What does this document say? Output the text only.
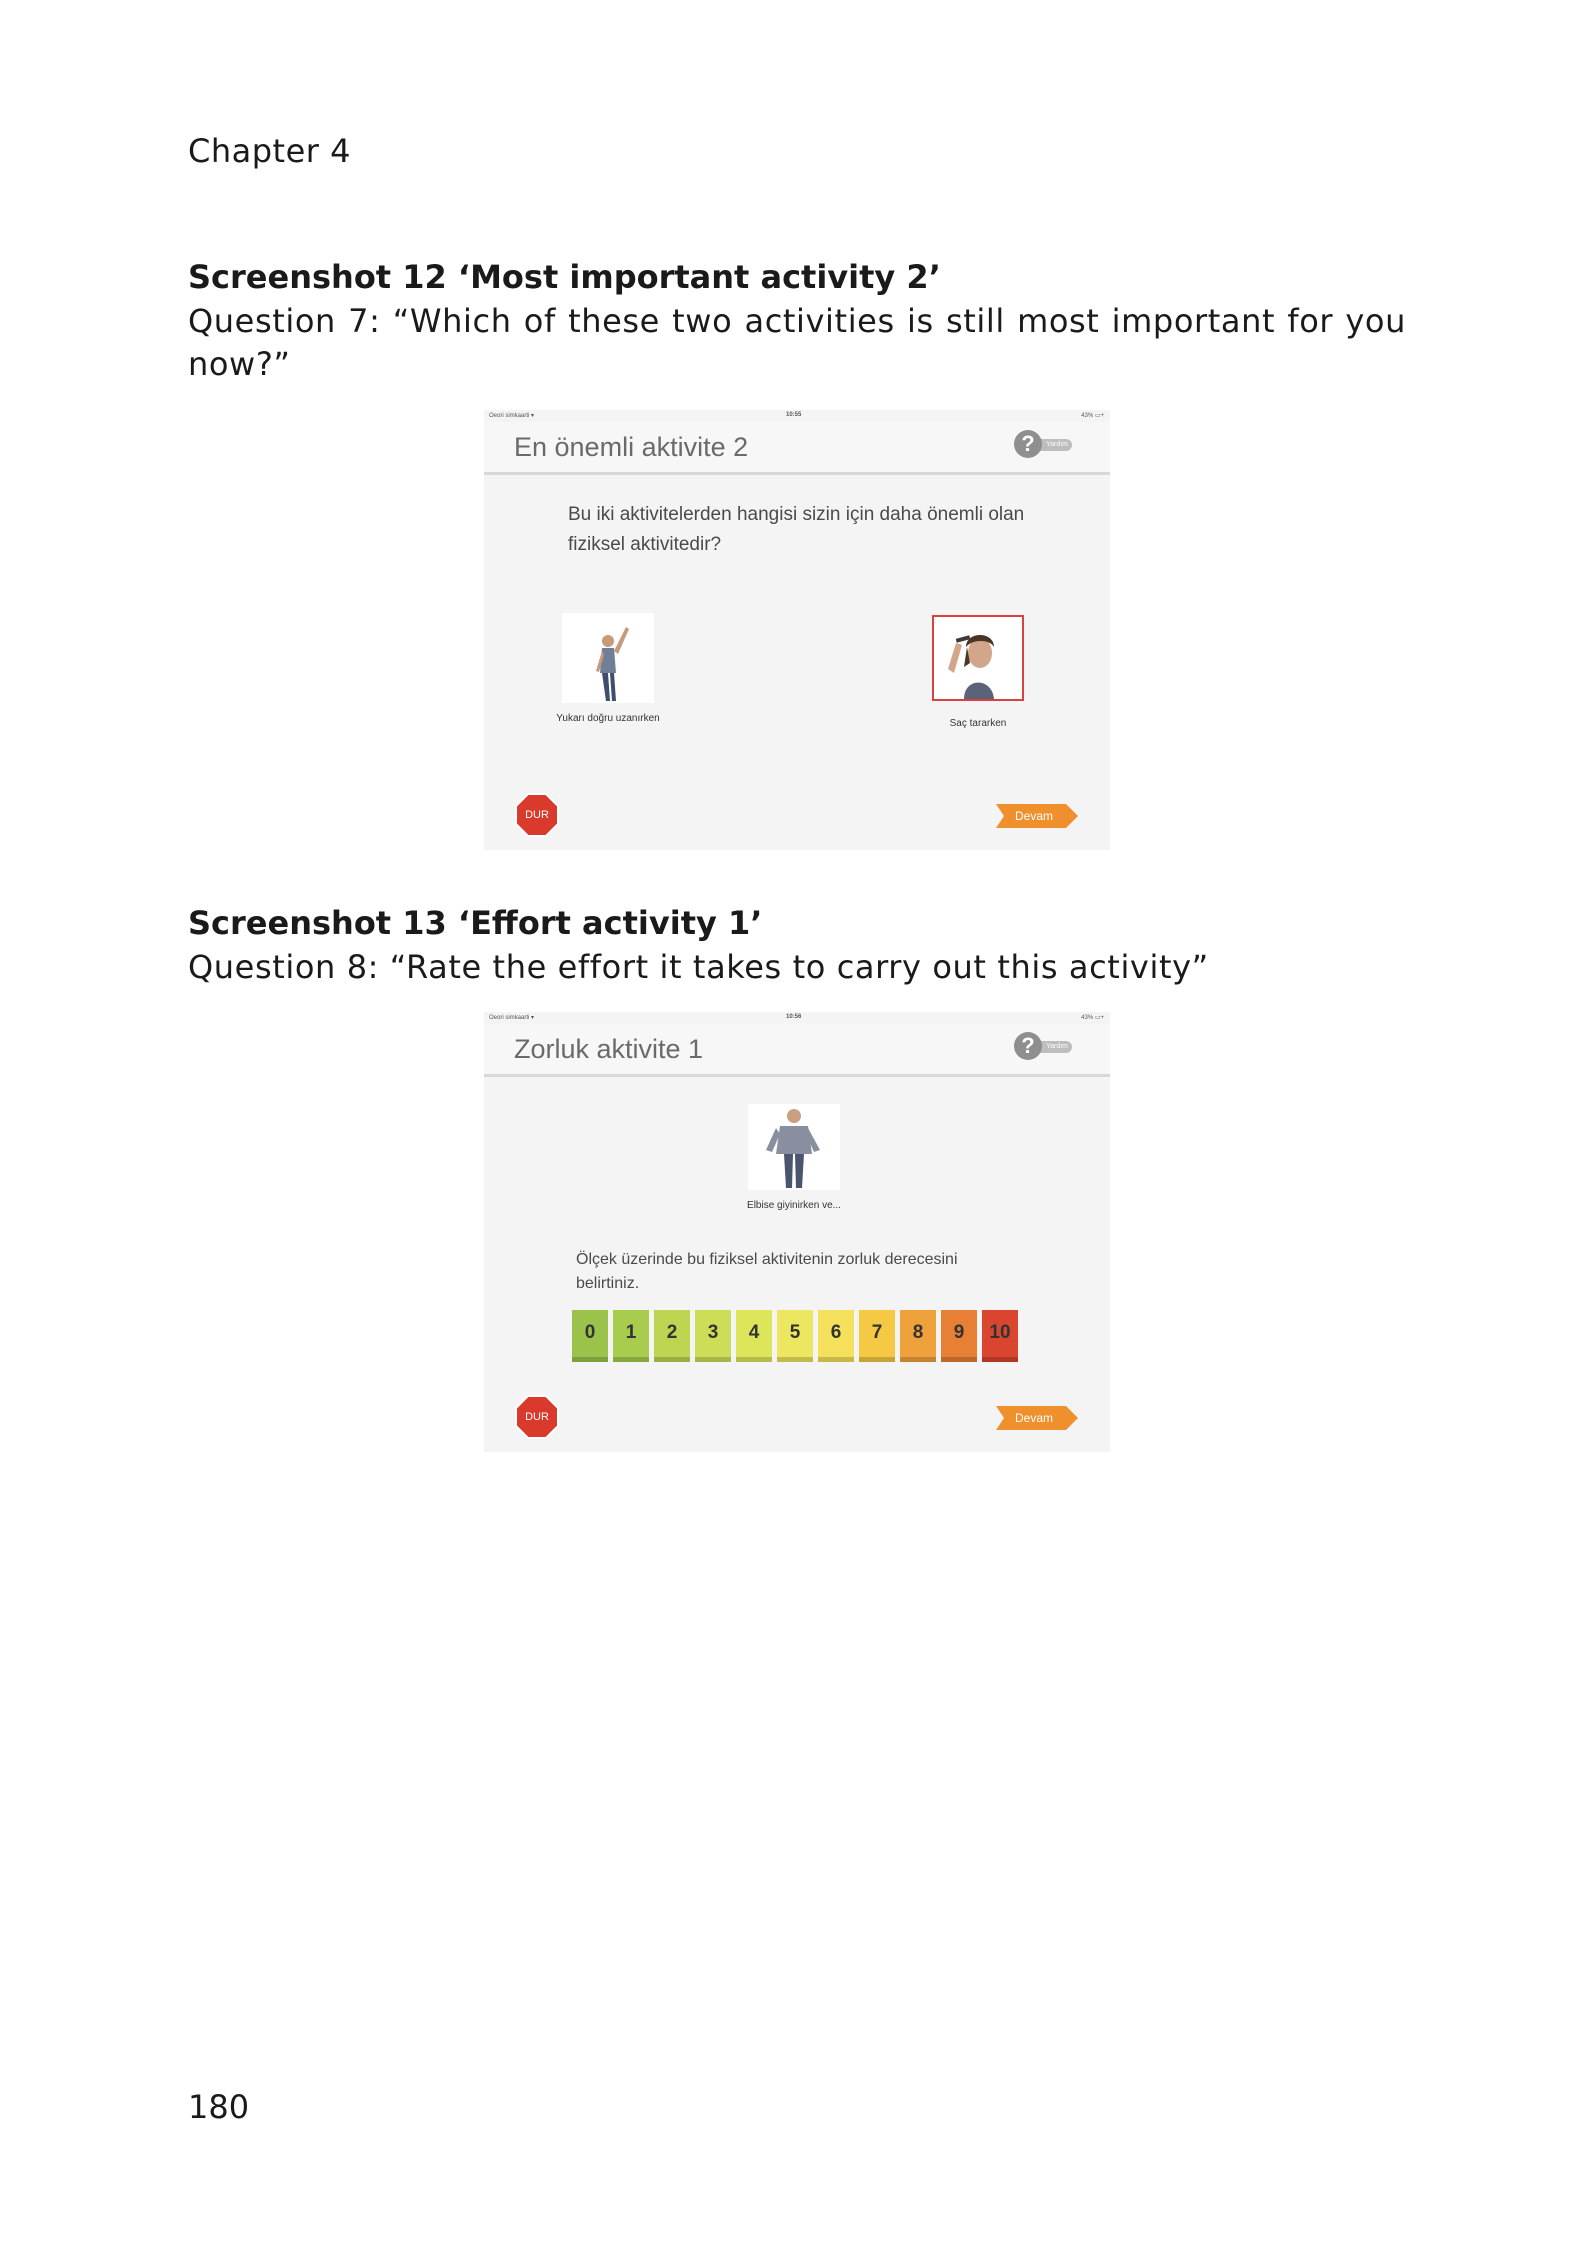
Chapter 4
Screenshot 12 ‘Most important activity 2’
Question 7: “Which of these two activities is still most important for you now?”
Oeori simkaarti ▾	10:55	43% ▭+
En önemli aktivite 2	Yardım
?
Bu iki aktivitelerden hangisi sizin için daha önemli olan fiziksel aktivitedir?
Yukarı doğru uzanırken	Saç tararken
DUR	Devam
Screenshot 13 ‘Effort activity 1’
Question 8: “Rate the effort it takes to carry out this activity”
Oeori simkaarti ▾	10:56	43% ▭+
Zorluk aktivite 1	Yardım
?
Elbise giyinirken ve...
Ölçek üzerinde bu fiziksel aktivitenin zorluk derecesini belirtiniz.
0	1	2	3	4	5	6	7	8	9	10
DUR	Devam
180
